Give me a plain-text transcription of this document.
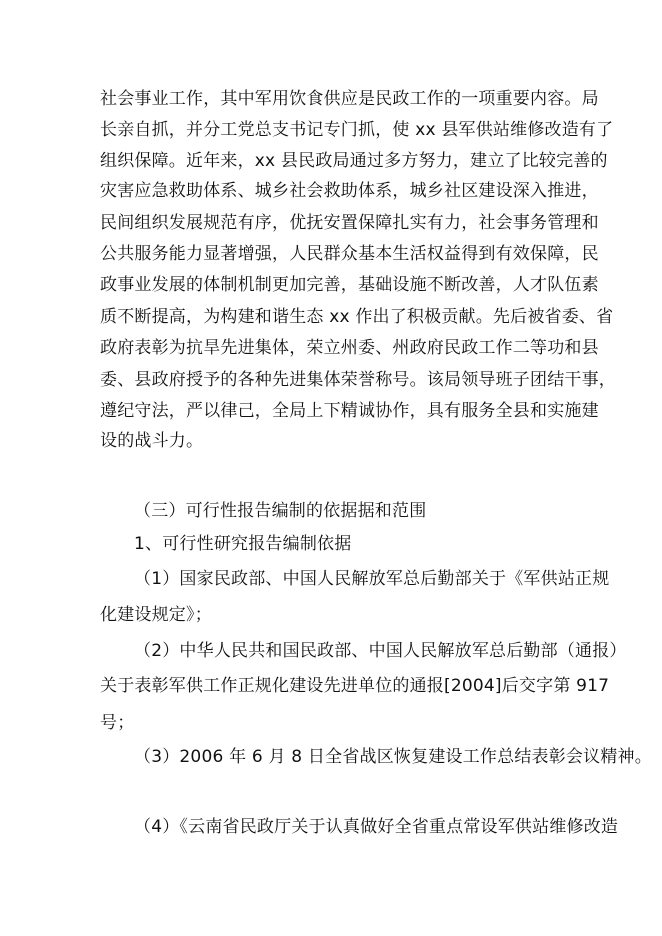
社会事业工作，其中军用饮食供应是民政工作的一项重要内容。局
长亲自抓，并分工党总支书记专门抓，使 xx 县军供站维修改造有了
组织保障。近年来，xx 县民政局通过多方努力，建立了比较完善的
灾害应急救助体系、城乡社会救助体系，城乡社区建设深入推进，
民间组织发展规范有序，优抚安置保障扎实有力，社会事务管理和
公共服务能力显著增强，人民群众基本生活权益得到有效保障，民
政事业发展的体制机制更加完善，基础设施不断改善，人才队伍素
质不断提高，为构建和谐生态 xx 作出了积极贡献。先后被省委、省
政府表彰为抗旱先进集体，荣立州委、州政府民政工作二等功和县
委、县政府授予的各种先进集体荣誉称号。该局领导班子团结干事，
遵纪守法，严以律己，全局上下精诚协作，具有服务全县和实施建
设的战斗力。
（三）可行性报告编制的依据据和范围
1、可行性研究报告编制依据
（1）国家民政部、中国人民解放军总后勤部关于《军供站正规
化建设规定》；
（2）中华人民共和国民政部、中国人民解放军总后勤部（通报）
关于表彰军供工作正规化建设先进单位的通报[2004]后交字第 917
号；
（3）2006 年 6 月 8 日全省战区恢复建设工作总结表彰会议精神。
（4）《云南省民政厅关于认真做好全省重点常设军供站维修改造
